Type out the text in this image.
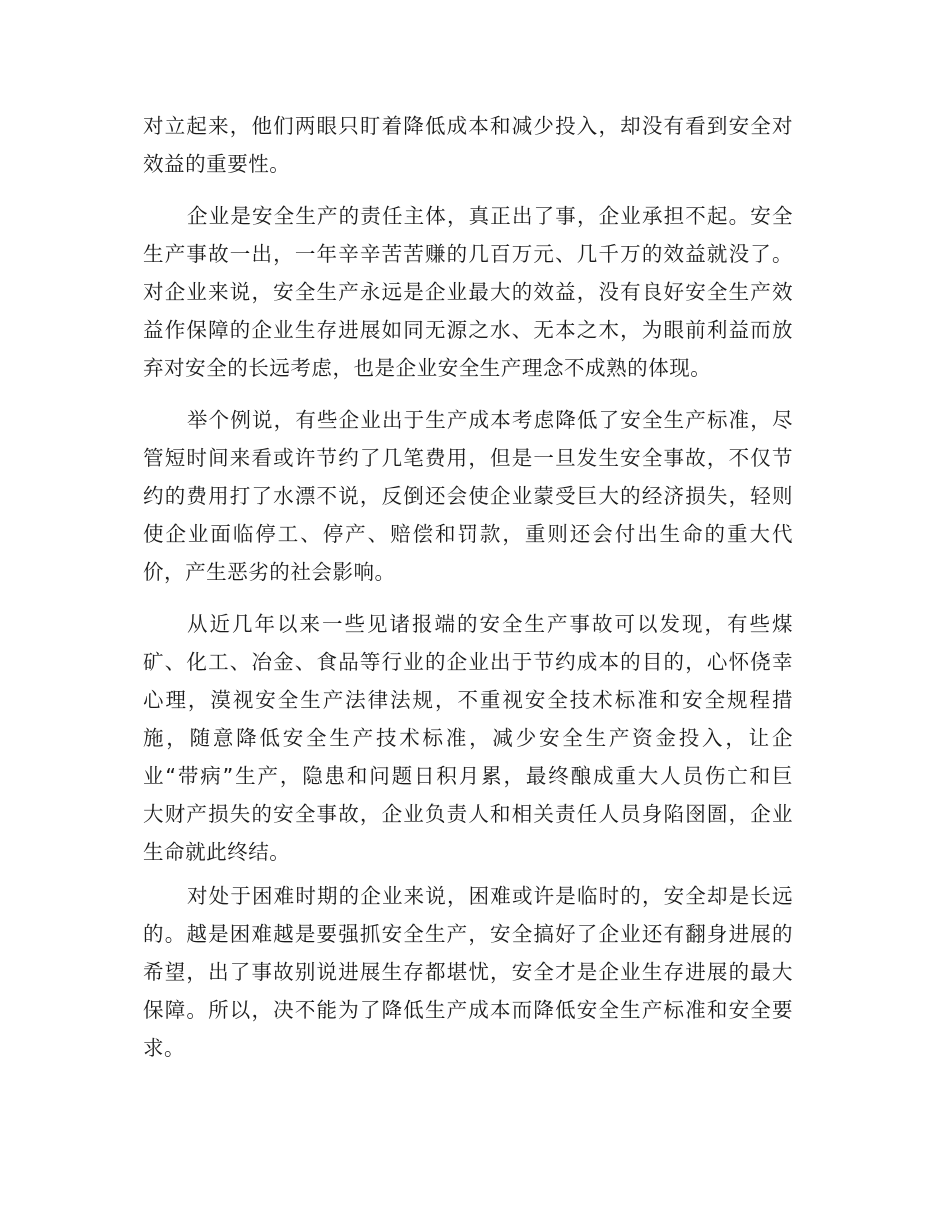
对立起来，他们两眼只盯着降低成本和减少投入，却没有看到安全对
效益的重要性。
企业是安全生产的责任主体，真正出了事，企业承担不起。安全
生产事故一出，一年辛辛苦苦赚的几百万元、几千万的效益就没了。
对企业来说，安全生产永远是企业最大的效益，没有良好安全生产效
益作保障的企业生存进展如同无源之水、无本之木，为眼前利益而放
弃对安全的长远考虑，也是企业安全生产理念不成熟的体现。
举个例说，有些企业出于生产成本考虑降低了安全生产标准，尽
管短时间来看或许节约了几笔费用，但是一旦发生安全事故，不仅节
约的费用打了水漂不说，反倒还会使企业蒙受巨大的经济损失，轻则
使企业面临停工、停产、赔偿和罚款，重则还会付出生命的重大代
价，产生恶劣的社会影响。
从近几年以来一些见诸报端的安全生产事故可以发现，有些煤
矿、化工、冶金、食品等行业的企业出于节约成本的目的，心怀侥幸
心理，漠视安全生产法律法规，不重视安全技术标准和安全规程措
施，随意降低安全生产技术标准，减少安全生产资金投入，让企
业“带病”生产，隐患和问题日积月累，最终酿成重大人员伤亡和巨
大财产损失的安全事故，企业负责人和相关责任人员身陷囹圄，企业
生命就此终结。
对处于困难时期的企业来说，困难或许是临时的，安全却是长远
的。越是困难越是要强抓安全生产，安全搞好了企业还有翻身进展的
希望，出了事故别说进展生存都堪忧，安全才是企业生存进展的最大
保障。所以，决不能为了降低生产成本而降低安全生产标准和安全要
求。
